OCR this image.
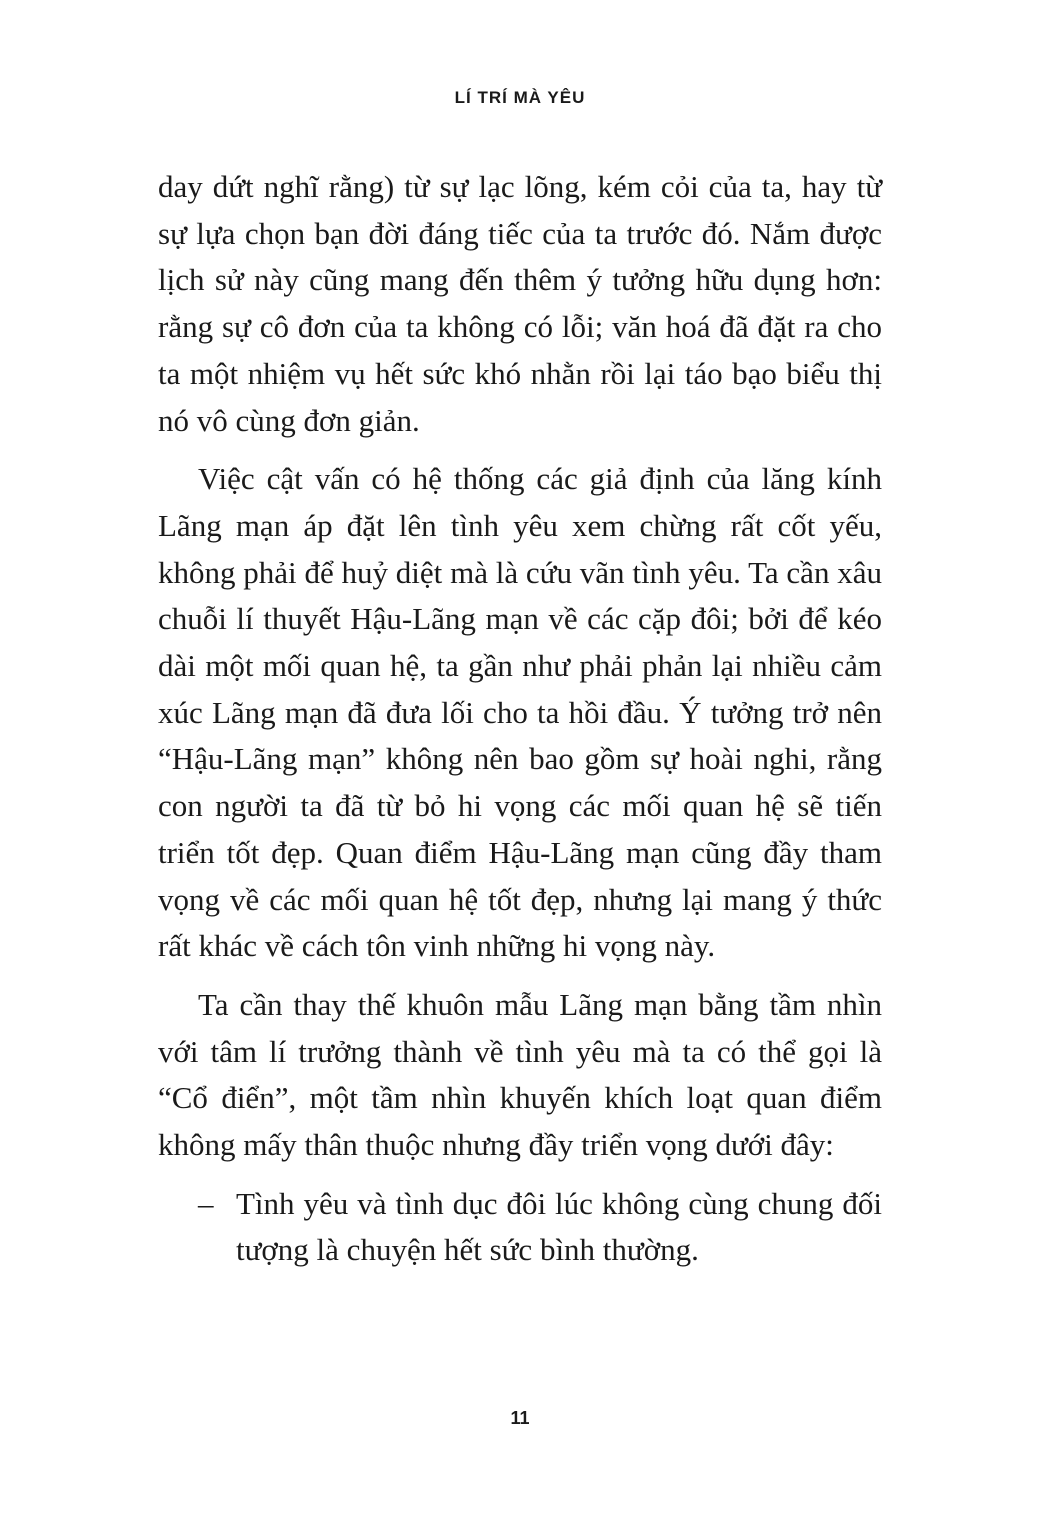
LÍ TRÍ MÀ YÊU

day dứt nghĩ rằng) từ sự lạc lõng, kém cỏi của ta, hay từ sự lựa chọn bạn đời đáng tiếc của ta trước đó. Nắm được lịch sử này cũng mang đến thêm ý tưởng hữu dụng hơn: rằng sự cô đơn của ta không có lỗi; văn hoá đã đặt ra cho ta một nhiệm vụ hết sức khó nhằn rồi lại táo bạo biểu thị nó vô cùng đơn giản.

Việc cật vấn có hệ thống các giả định của lăng kính Lãng mạn áp đặt lên tình yêu xem chừng rất cốt yếu, không phải để huỷ diệt mà là cứu vãn tình yêu. Ta cần xâu chuỗi lí thuyết Hậu-Lãng mạn về các cặp đôi; bởi để kéo dài một mối quan hệ, ta gần như phải phản lại nhiều cảm xúc Lãng mạn đã đưa lối cho ta hồi đầu. Ý tưởng trở nên “Hậu-Lãng mạn” không nên bao gồm sự hoài nghi, rằng con người ta đã từ bỏ hi vọng các mối quan hệ sẽ tiến triển tốt đẹp. Quan điểm Hậu-Lãng mạn cũng đầy tham vọng về các mối quan hệ tốt đẹp, nhưng lại mang ý thức rất khác về cách tôn vinh những hi vọng này.

Ta cần thay thế khuôn mẫu Lãng mạn bằng tầm nhìn với tâm lí trưởng thành về tình yêu mà ta có thể gọi là “Cổ điển”, một tầm nhìn khuyến khích loạt quan điểm không mấy thân thuộc nhưng đầy triển vọng dưới đây:

– Tình yêu và tình dục đôi lúc không cùng chung đối tượng là chuyện hết sức bình thường.

11
